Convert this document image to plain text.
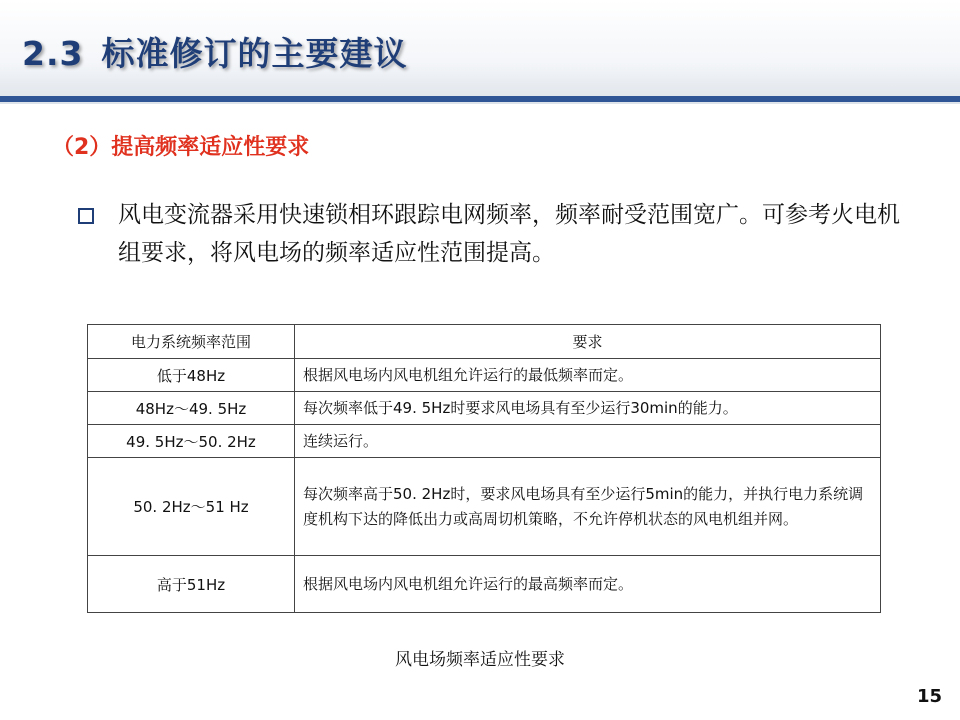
2.3 标准修订的主要建议
（2）提高频率适应性要求
风电变流器采用快速锁相环跟踪电网频率，频率耐受范围宽广。可参考火电机组要求，将风电场的频率适应性范围提高。
电力系统频率范围	要求
低于48Hz	根据风电场内风电机组允许运行的最低频率而定。
48Hz～49. 5Hz	每次频率低于49. 5Hz时要求风电场具有至少运行30min的能力。
49. 5Hz～50. 2Hz	连续运行。
50. 2Hz～51 Hz	每次频率高于50. 2Hz时，要求风电场具有至少运行5min的能力，并执行电力系统调度机构下达的降低出力或高周切机策略，不允许停机状态的风电机组并网。
高于51Hz	根据风电场内风电机组允许运行的最高频率而定。
风电场频率适应性要求
15
